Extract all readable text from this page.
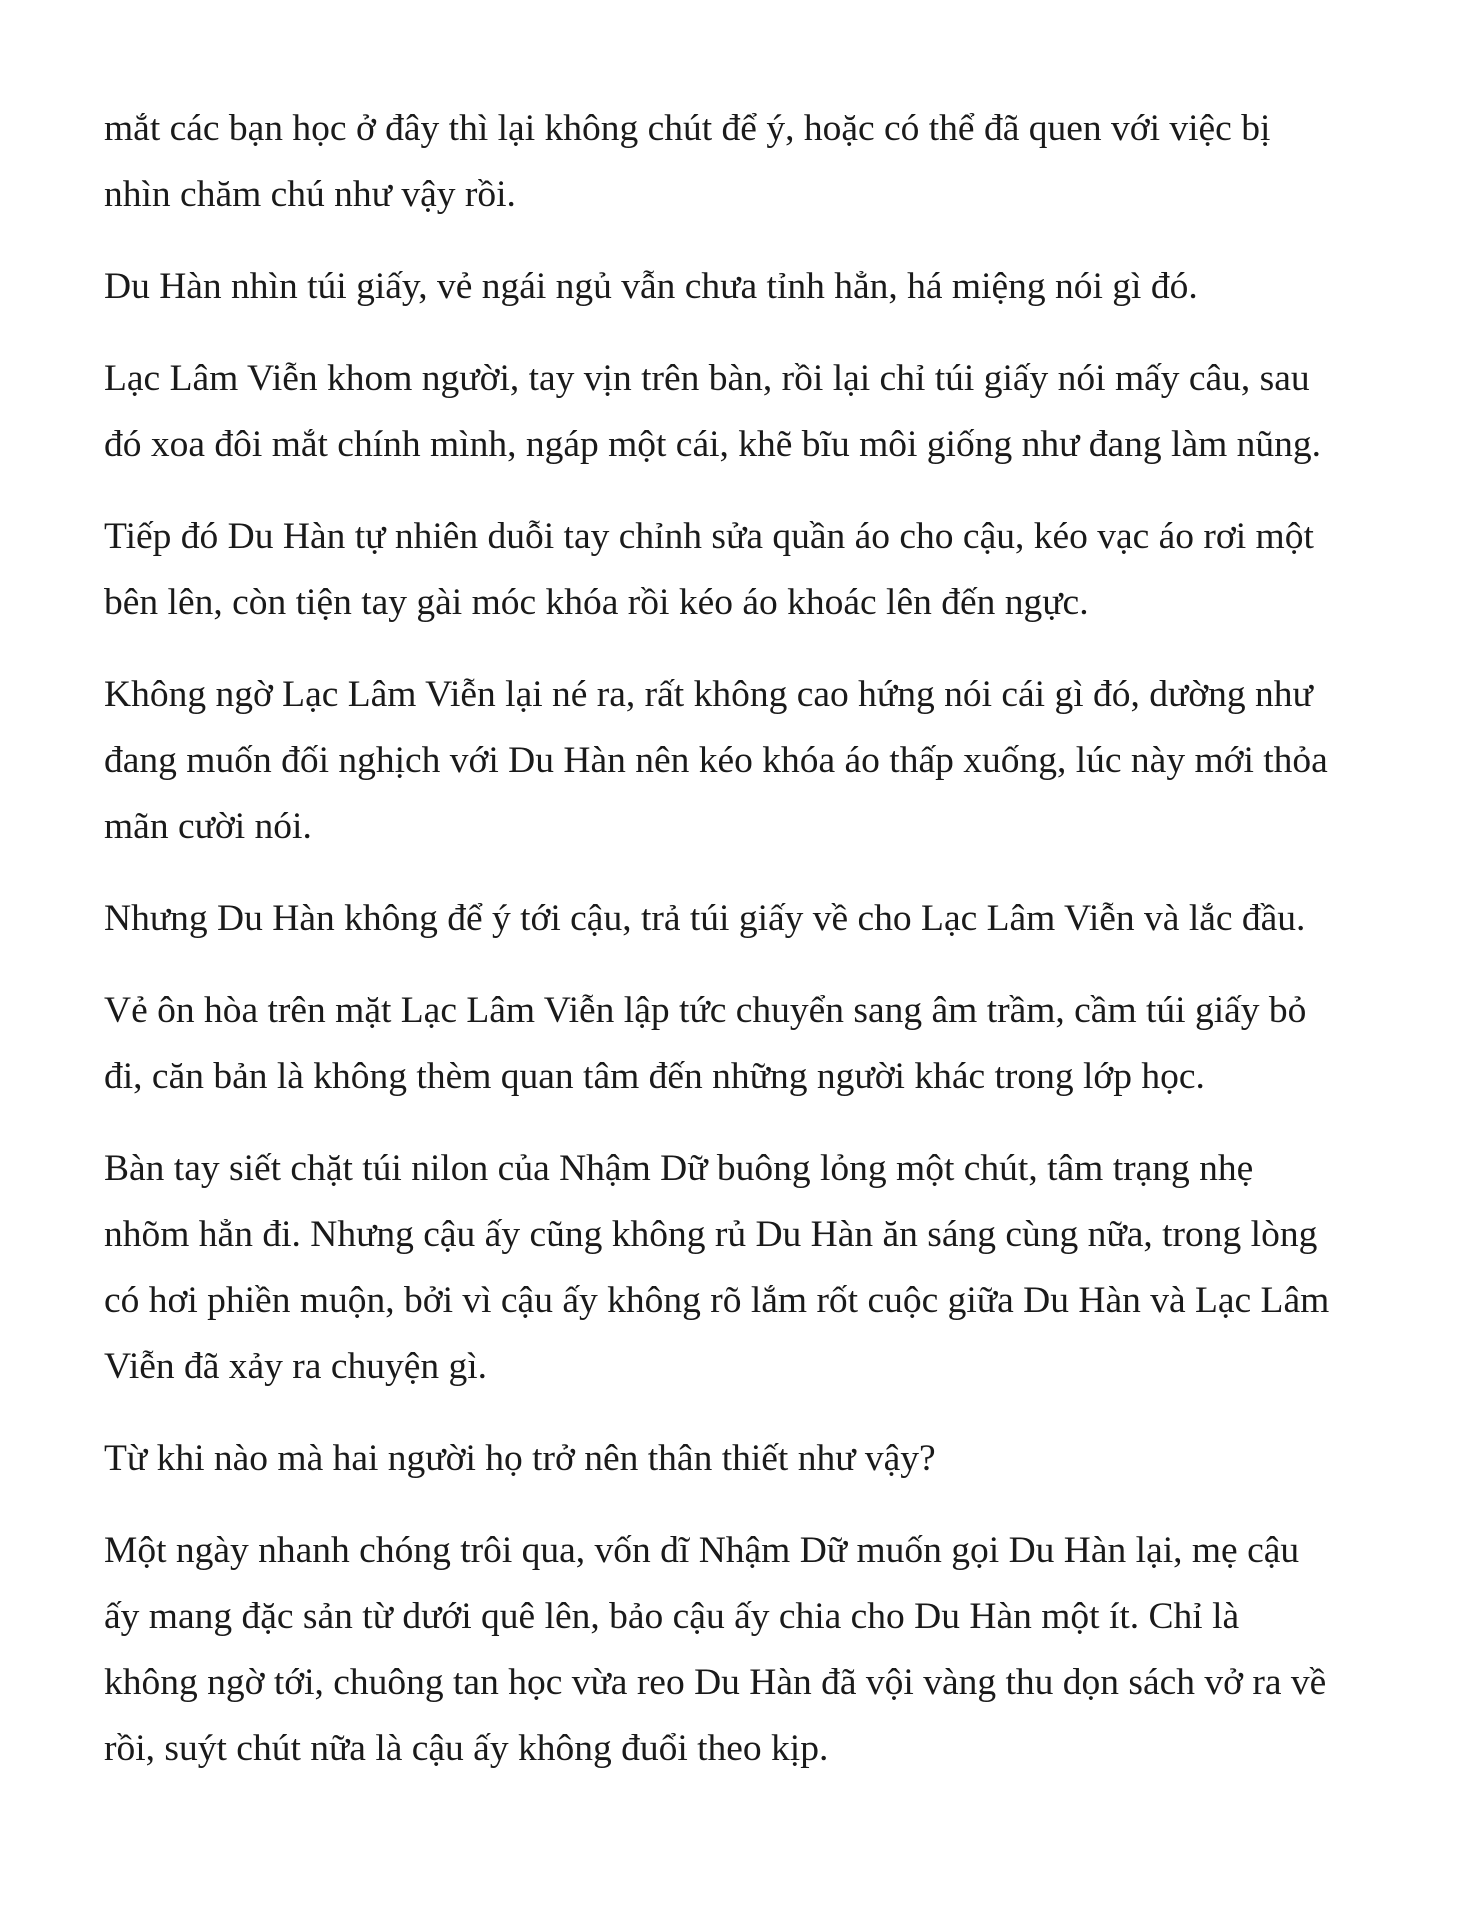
mắt các bạn học ở đây thì lại không chút để ý, hoặc có thể đã quen với việc bị
nhìn chăm chú như vậy rồi.

Du Hàn nhìn túi giấy, vẻ ngái ngủ vẫn chưa tỉnh hẳn, há miệng nói gì đó.

Lạc Lâm Viễn khom người, tay vịn trên bàn, rồi lại chỉ túi giấy nói mấy câu, sau
đó xoa đôi mắt chính mình, ngáp một cái, khẽ bĩu môi giống như đang làm nũng.

Tiếp đó Du Hàn tự nhiên duỗi tay chỉnh sửa quần áo cho cậu, kéo vạc áo rơi một
bên lên, còn tiện tay gài móc khóa rồi kéo áo khoác lên đến ngực.

Không ngờ Lạc Lâm Viễn lại né ra, rất không cao hứng nói cái gì đó, dường như
đang muốn đối nghịch với Du Hàn nên kéo khóa áo thấp xuống, lúc này mới thỏa
mãn cười nói.

Nhưng Du Hàn không để ý tới cậu, trả túi giấy về cho Lạc Lâm Viễn và lắc đầu.

Vẻ ôn hòa trên mặt Lạc Lâm Viễn lập tức chuyển sang âm trầm, cầm túi giấy bỏ
đi, căn bản là không thèm quan tâm đến những người khác trong lớp học.

Bàn tay siết chặt túi nilon của Nhậm Dữ buông lỏng một chút, tâm trạng nhẹ
nhõm hẳn đi. Nhưng cậu ấy cũng không rủ Du Hàn ăn sáng cùng nữa, trong lòng
có hơi phiền muộn, bởi vì cậu ấy không rõ lắm rốt cuộc giữa Du Hàn và Lạc Lâm
Viễn đã xảy ra chuyện gì.

Từ khi nào mà hai người họ trở nên thân thiết như vậy?

Một ngày nhanh chóng trôi qua, vốn dĩ Nhậm Dữ muốn gọi Du Hàn lại, mẹ cậu
ấy mang đặc sản từ dưới quê lên, bảo cậu ấy chia cho Du Hàn một ít. Chỉ là
không ngờ tới, chuông tan học vừa reo Du Hàn đã vội vàng thu dọn sách vở ra về
rồi, suýt chút nữa là cậu ấy không đuổi theo kịp.
